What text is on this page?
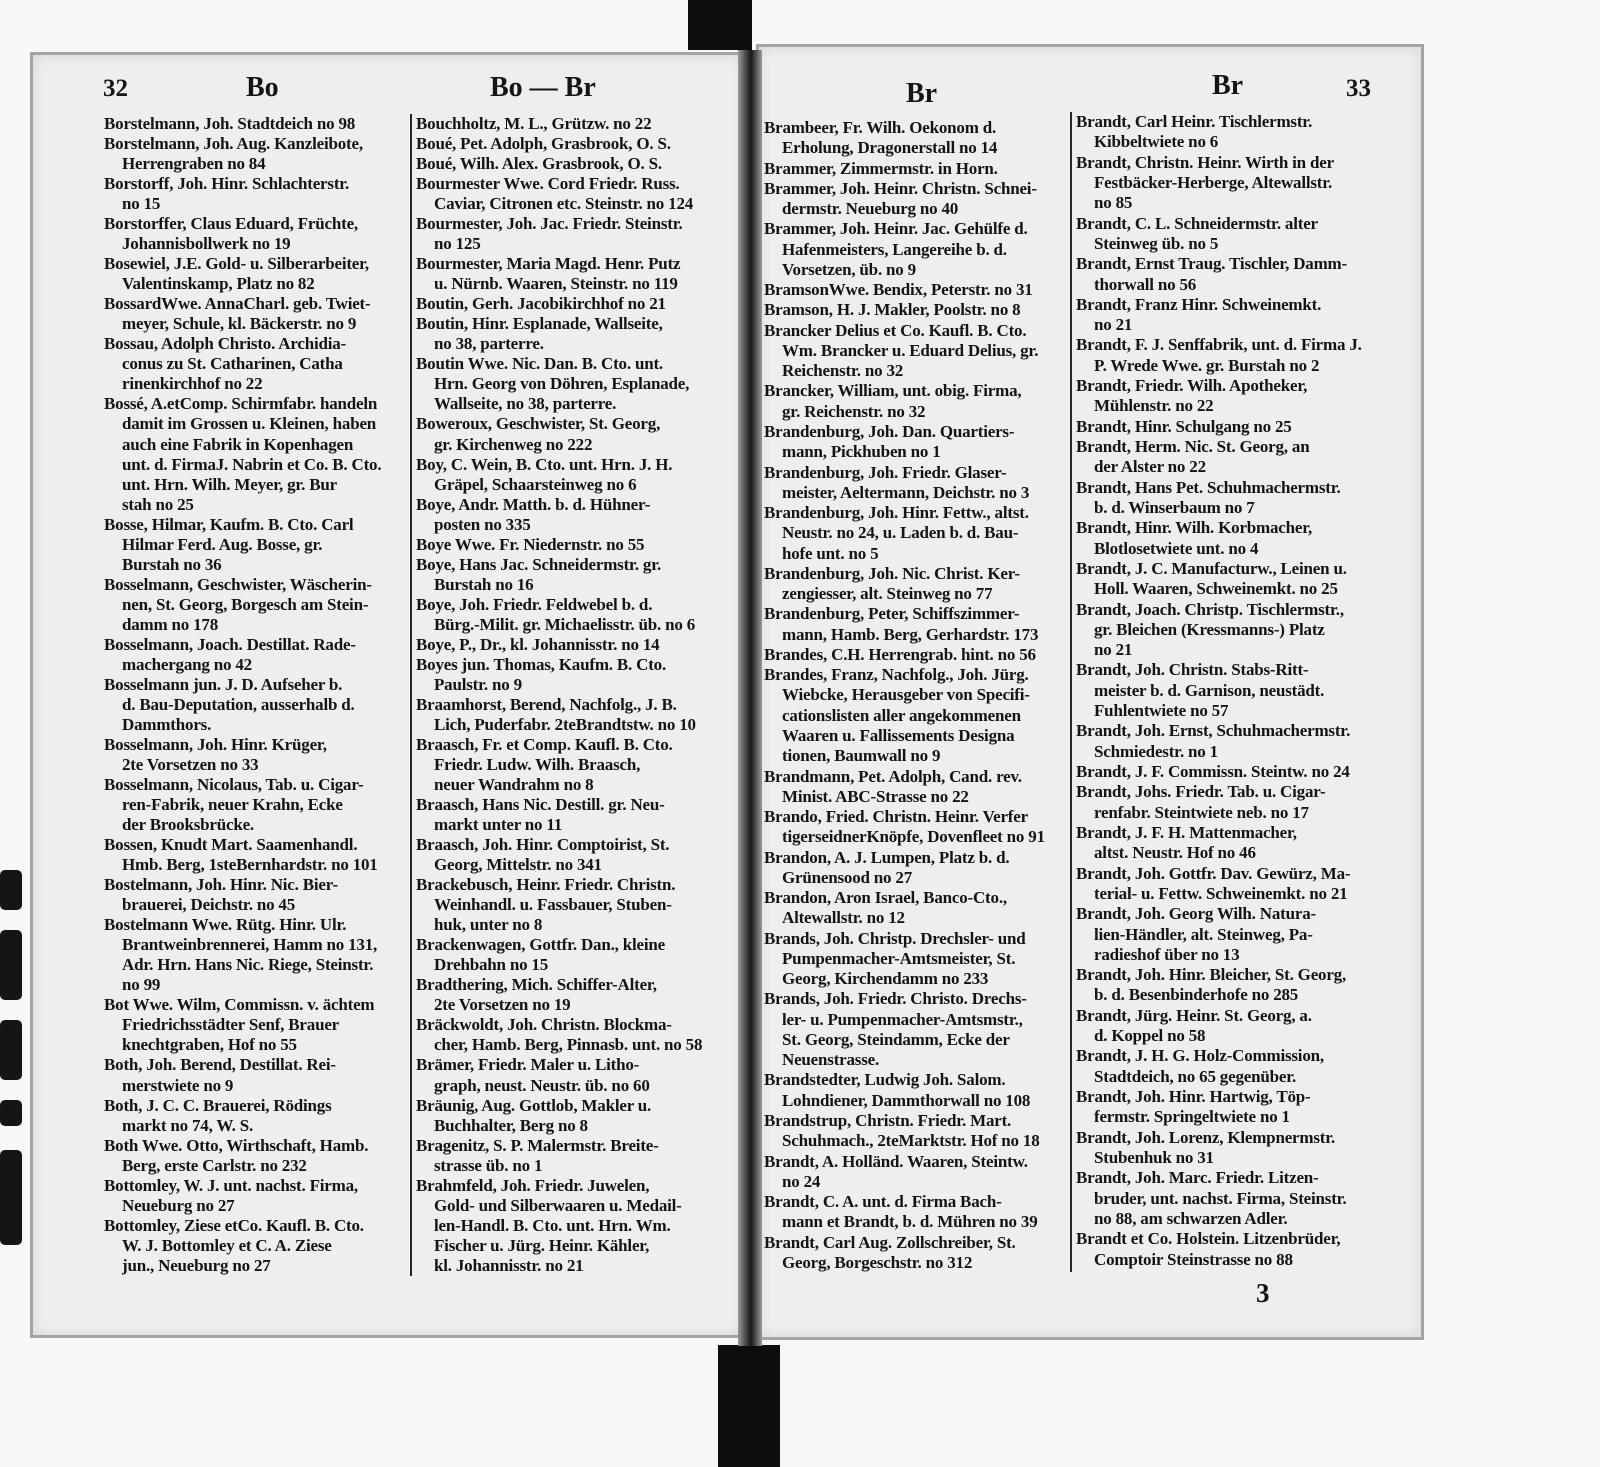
32	Bo	Bo — Br	Br	Br	33
Borstelmann, Joh. Stadtdeich no 98
Borstelmann, Joh. Aug. Kanzleibote,
Herrengraben no 84
Borstorff, Joh. Hinr. Schlachterstr.
no 15
Borstorffer, Claus Eduard, Früchte,
Johannisbollwerk no 19
Bosewiel, J.E. Gold- u. Silberarbeiter,
Valentinskamp, Platz no 82
BossardWwe. AnnaCharl. geb. Twiet-
meyer, Schule, kl. Bäckerstr. no 9
Bossau, Adolph Christo. Archidia-
conus zu St. Catharinen, Catha
rinenkirchhof no 22
Bossé, A.etComp. Schirmfabr. handeln
damit im Grossen u. Kleinen, haben
auch eine Fabrik in Kopenhagen
unt. d. FirmaJ. Nabrin et Co. B. Cto.
unt. Hrn. Wilh. Meyer, gr. Bur
stah no 25
Bosse, Hilmar, Kaufm. B. Cto. Carl
Hilmar Ferd. Aug. Bosse, gr.
Burstah no 36
Bosselmann, Geschwister, Wäscherin-
nen, St. Georg, Borgesch am Stein-
damm no 178
Bosselmann, Joach. Destillat. Rade-
machergang no 42
Bosselmann jun. J. D. Aufseher b.
d. Bau-Deputation, ausserhalb d.
Dammthors.
Bosselmann, Joh. Hinr. Krüger,
2te Vorsetzen no 33
Bosselmann, Nicolaus, Tab. u. Cigar-
ren-Fabrik, neuer Krahn, Ecke
der Brooksbrücke.
Bossen, Knudt Mart. Saamenhandl.
Hmb. Berg, 1steBernhardstr. no 101
Bostelmann, Joh. Hinr. Nic. Bier-
brauerei, Deichstr. no 45
Bostelmann Wwe. Rütg. Hinr. Ulr.
Brantweinbrennerei, Hamm no 131,
Adr. Hrn. Hans Nic. Riege, Steinstr.
no 99
Bot Wwe. Wilm, Commissn. v. ächtem
Friedrichsstädter Senf, Brauer
knechtgraben, Hof no 55
Both, Joh. Berend, Destillat. Rei-
merstwiete no 9
Both, J. C. C. Brauerei, Rödings
markt no 74, W. S.
Both Wwe. Otto, Wirthschaft, Hamb.
Berg, erste Carlstr. no 232
Bottomley, W. J. unt. nachst. Firma,
Neueburg no 27
Bottomley, Ziese etCo. Kaufl. B. Cto.
W. J. Bottomley et C. A. Ziese
jun., Neueburg no 27
Bouchholtz, M. L., Grützw. no 22
Boué, Pet. Adolph, Grasbrook, O. S.
Boué, Wilh. Alex. Grasbrook, O. S.
Bourmester Wwe. Cord Friedr. Russ.
Caviar, Citronen etc. Steinstr. no 124
Bourmester, Joh. Jac. Friedr. Steinstr.
no 125
Bourmester, Maria Magd. Henr. Putz
u. Nürnb. Waaren, Steinstr. no 119
Boutin, Gerh. Jacobikirchhof no 21
Boutin, Hinr. Esplanade, Wallseite,
no 38, parterre.
Boutin Wwe. Nic. Dan. B. Cto. unt.
Hrn. Georg von Döhren, Esplanade,
Wallseite, no 38, parterre.
Boweroux, Geschwister, St. Georg,
gr. Kirchenweg no 222
Boy, C. Wein, B. Cto. unt. Hrn. J. H.
Gräpel, Schaarsteinweg no 6
Boye, Andr. Matth. b. d. Hühner-
posten no 335
Boye Wwe. Fr. Niedernstr. no 55
Boye, Hans Jac. Schneidermstr. gr.
Burstah no 16
Boye, Joh. Friedr. Feldwebel b. d.
Bürg.-Milit. gr. Michaelisstr. üb. no 6
Boye, P., Dr., kl. Johannisstr. no 14
Boyes jun. Thomas, Kaufm. B. Cto.
Paulstr. no 9
Braamhorst, Berend, Nachfolg., J. B.
Lich, Puderfabr. 2teBrandtstw. no 10
Braasch, Fr. et Comp. Kaufl. B. Cto.
Friedr. Ludw. Wilh. Braasch,
neuer Wandrahm no 8
Braasch, Hans Nic. Destill. gr. Neu-
markt unter no 11
Braasch, Joh. Hinr. Comptoirist, St.
Georg, Mittelstr. no 341
Brackebusch, Heinr. Friedr. Christn.
Weinhandl. u. Fassbauer, Stuben-
huk, unter no 8
Brackenwagen, Gottfr. Dan., kleine
Drehbahn no 15
Bradthering, Mich. Schiffer-Alter,
2te Vorsetzen no 19
Bräckwoldt, Joh. Christn. Blockma-
cher, Hamb. Berg, Pinnasb. unt. no 58
Brämer, Friedr. Maler u. Litho-
graph, neust. Neustr. üb. no 60
Bräunig, Aug. Gottlob, Makler u.
Buchhalter, Berg no 8
Bragenitz, S. P. Malermstr. Breite-
strasse üb. no 1
Brahmfeld, Joh. Friedr. Juwelen,
Gold- und Silberwaaren u. Medail-
len-Handl. B. Cto. unt. Hrn. Wm.
Fischer u. Jürg. Heinr. Kähler,
kl. Johannisstr. no 21
Brambeer, Fr. Wilh. Oekonom d.
Erholung, Dragonerstall no 14
Brammer, Zimmermstr. in Horn.
Brammer, Joh. Heinr. Christn. Schnei-
dermstr. Neueburg no 40
Brammer, Joh. Heinr. Jac. Gehülfe d.
Hafenmeisters, Langereihe b. d.
Vorsetzen, üb. no 9
BramsonWwe. Bendix, Peterstr. no 31
Bramson, H. J. Makler, Poolstr. no 8
Brancker Delius et Co. Kaufl. B. Cto.
Wm. Brancker u. Eduard Delius, gr.
Reichenstr. no 32
Brancker, William, unt. obig. Firma,
gr. Reichenstr. no 32
Brandenburg, Joh. Dan. Quartiers-
mann, Pickhuben no 1
Brandenburg, Joh. Friedr. Glaser-
meister, Aeltermann, Deichstr. no 3
Brandenburg, Joh. Hinr. Fettw., altst.
Neustr. no 24, u. Laden b. d. Bau-
hofe unt. no 5
Brandenburg, Joh. Nic. Christ. Ker-
zengiesser, alt. Steinweg no 77
Brandenburg, Peter, Schiffszimmer-
mann, Hamb. Berg, Gerhardstr. 173
Brandes, C.H. Herrengrab. hint. no 56
Brandes, Franz, Nachfolg., Joh. Jürg.
Wiebcke, Herausgeber von Specifi-
cationslisten aller angekommenen
Waaren u. Fallissements Designa
tionen, Baumwall no 9
Brandmann, Pet. Adolph, Cand. rev.
Minist. ABC-Strasse no 22
Brando, Fried. Christn. Heinr. Verfer
tigerseidnerKnöpfe, Dovenfleet no 91
Brandon, A. J. Lumpen, Platz b. d.
Grünensood no 27
Brandon, Aron Israel, Banco-Cto.,
Altewallstr. no 12
Brands, Joh. Christp. Drechsler- und
Pumpenmacher-Amtsmeister, St.
Georg, Kirchendamm no 233
Brands, Joh. Friedr. Christo. Drechs-
ler- u. Pumpenmacher-Amtsmstr.,
St. Georg, Steindamm, Ecke der
Neuenstrasse.
Brandstedter, Ludwig Joh. Salom.
Lohndiener, Dammthorwall no 108
Brandstrup, Christn. Friedr. Mart.
Schuhmach., 2teMarktstr. Hof no 18
Brandt, A. Holländ. Waaren, Steintw.
no 24
Brandt, C. A. unt. d. Firma Bach-
mann et Brandt, b. d. Mühren no 39
Brandt, Carl Aug. Zollschreiber, St.
Georg, Borgeschstr. no 312
Brandt, Carl Heinr. Tischlermstr.
Kibbeltwiete no 6
Brandt, Christn. Heinr. Wirth in der
Festbäcker-Herberge, Altewallstr.
no 85
Brandt, C. L. Schneidermstr. alter
Steinweg üb. no 5
Brandt, Ernst Traug. Tischler, Damm-
thorwall no 56
Brandt, Franz Hinr. Schweinemkt.
no 21
Brandt, F. J. Senffabrik, unt. d. Firma J.
P. Wrede Wwe. gr. Burstah no 2
Brandt, Friedr. Wilh. Apotheker,
Mühlenstr. no 22
Brandt, Hinr. Schulgang no 25
Brandt, Herm. Nic. St. Georg, an
der Alster no 22
Brandt, Hans Pet. Schuhmachermstr.
b. d. Winserbaum no 7
Brandt, Hinr. Wilh. Korbmacher,
Blotlosetwiete unt. no 4
Brandt, J. C. Manufacturw., Leinen u.
Holl. Waaren, Schweinemkt. no 25
Brandt, Joach. Christp. Tischlermstr.,
gr. Bleichen (Kressmanns-) Platz
no 21
Brandt, Joh. Christn. Stabs-Ritt-
meister b. d. Garnison, neustädt.
Fuhlentwiete no 57
Brandt, Joh. Ernst, Schuhmachermstr.
Schmiedestr. no 1
Brandt, J. F. Commissn. Steintw. no 24
Brandt, Johs. Friedr. Tab. u. Cigar-
renfabr. Steintwiete neb. no 17
Brandt, J. F. H. Mattenmacher,
altst. Neustr. Hof no 46
Brandt, Joh. Gottfr. Dav. Gewürz, Ma-
terial- u. Fettw. Schweinemkt. no 21
Brandt, Joh. Georg Wilh. Natura-
lien-Händler, alt. Steinweg, Pa-
radieshof über no 13
Brandt, Joh. Hinr. Bleicher, St. Georg,
b. d. Besenbinderhofe no 285
Brandt, Jürg. Heinr. St. Georg, a.
d. Koppel no 58
Brandt, J. H. G. Holz-Commission,
Stadtdeich, no 65 gegenüber.
Brandt, Joh. Hinr. Hartwig, Töp-
fermstr. Springeltwiete no 1
Brandt, Joh. Lorenz, Klempnermstr.
Stubenhuk no 31
Brandt, Joh. Marc. Friedr. Litzen-
bruder, unt. nachst. Firma, Steinstr.
no 88, am schwarzen Adler.
Brandt et Co. Holstein. Litzenbrüder,
Comptoir Steinstrasse no 88
3
